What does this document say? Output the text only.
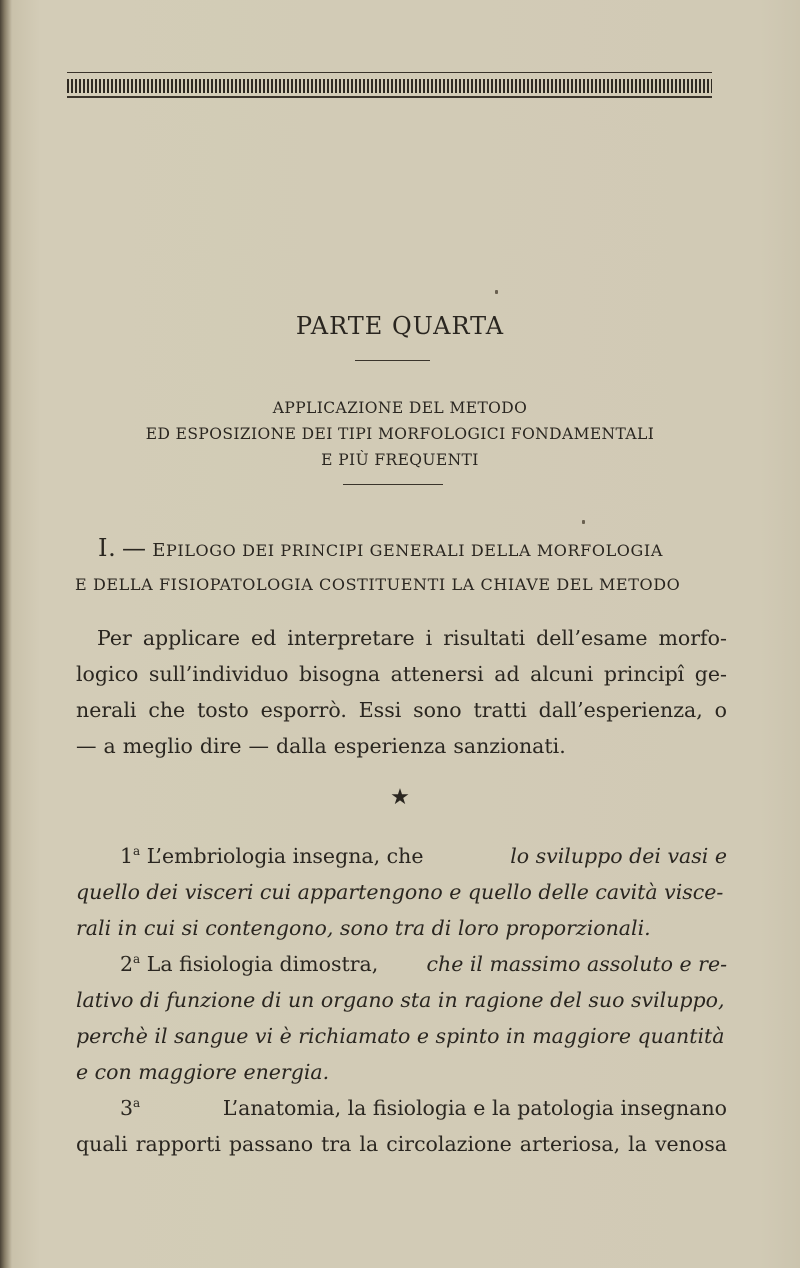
PARTE QUARTA
APPLICAZIONE DEL METODO
ED ESPOSIZIONE DEI TIPI MORFOLOGICI FONDAMENTALI
E PIÙ FREQUENTI
I. — EPILOGO DEI PRINCIPI GENERALI DELLA MORFOLOGIA
E DELLA FISIOPATOLOGIA COSTITUENTI LA CHIAVE DEL METODO
Per applicare ed interpretare i risultati dell’esame morfo-
logico sull’individuo bisogna attenersi ad alcuni principî ge-
nerali che tosto esporrò. Essi sono tratti dall’esperienza, o
— a meglio dire — dalla esperienza sanzionati.
★
1$^a$ L’embriologia insegna, che	lo sviluppo dei vasi e
quello dei visceri cui appartengono e quello delle cavità visce-
rali in cui si contengono, sono tra di loro proporzionali.
2$^a$ La fisiologia dimostra, che il massimo assoluto e re-
lativo di funzione di un organo sta in ragione del suo sviluppo,
perchè il sangue vi è richiamato e spinto in maggiore quantità
e con maggiore energia.
3$^a$	L’anatomia, la fisiologia e la patologia insegnano
quali rapporti passano tra la circolazione arteriosa, la venosa
